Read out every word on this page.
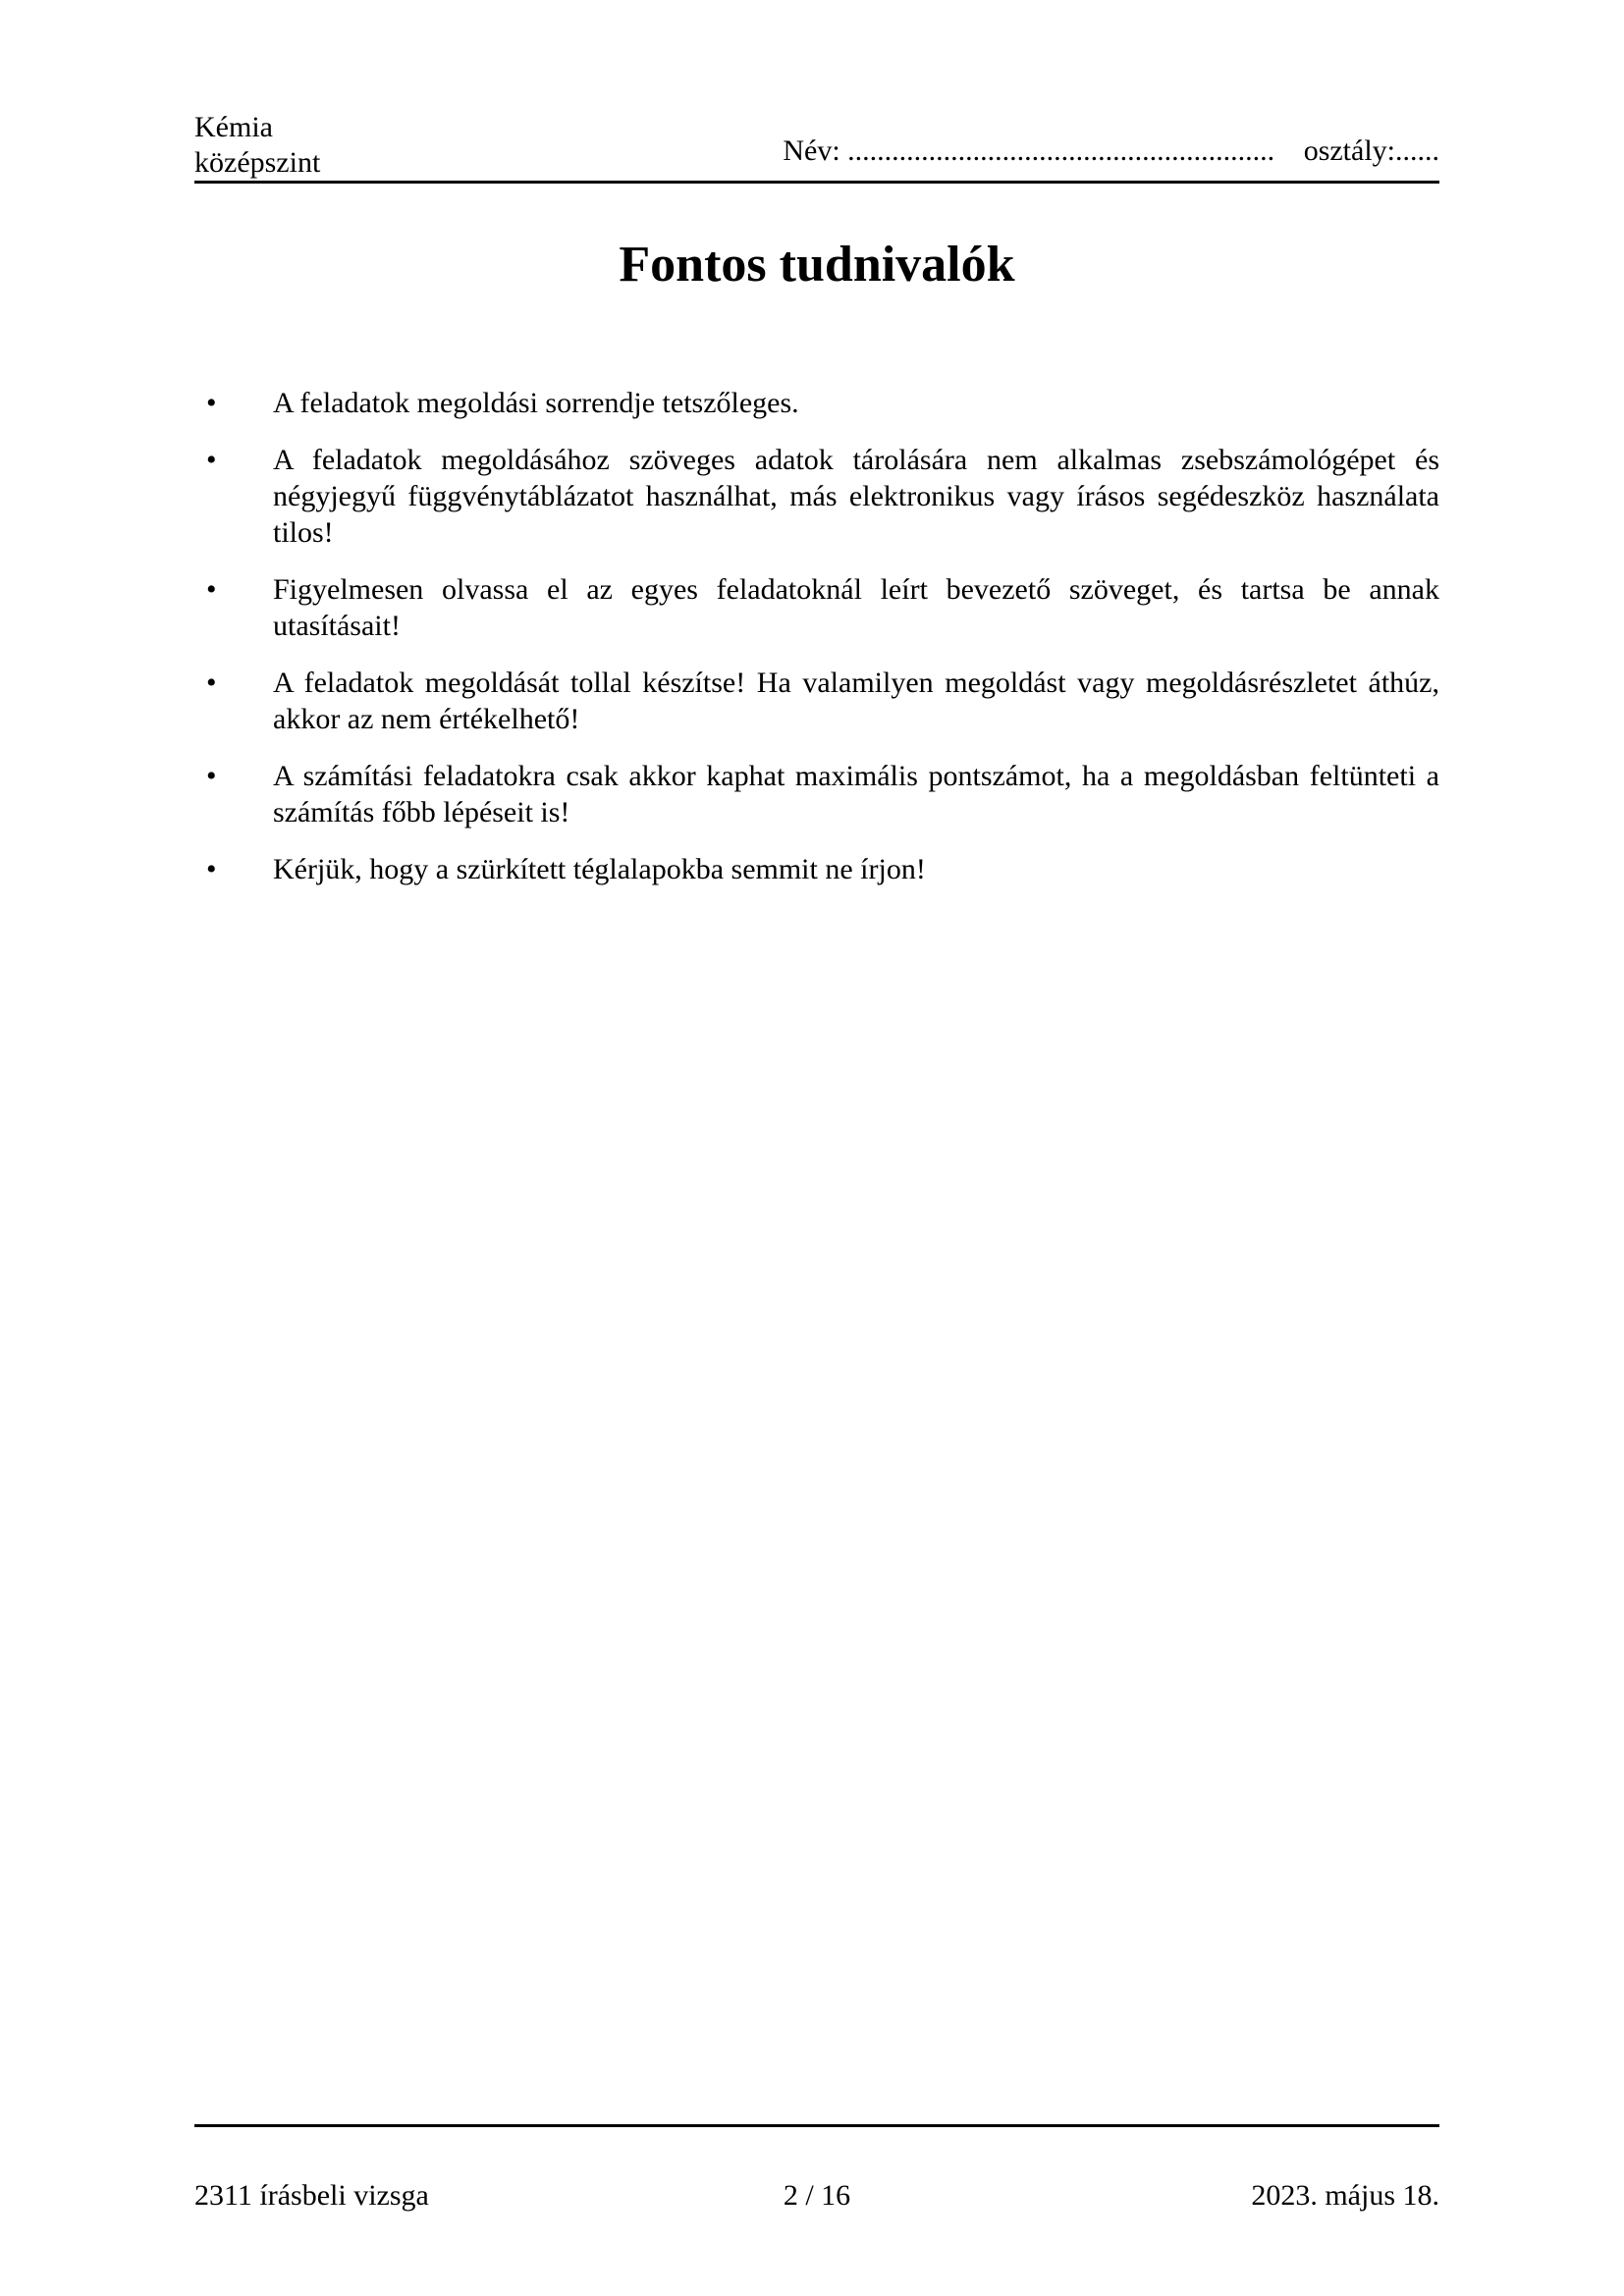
Kémia
középszint	Név: .......................................................... osztály:......
Fontos tudnivalók
• A feladatok megoldási sorrendje tetszőleges.
• A feladatok megoldásához szöveges adatok tárolására nem alkalmas zsebszámológépet és négyjegyű függvénytáblázatot használhat, más elektronikus vagy írásos segédeszköz használata tilos!
• Figyelmesen olvassa el az egyes feladatoknál leírt bevezető szöveget, és tartsa be annak utasításait!
• A feladatok megoldását tollal készítse! Ha valamilyen megoldást vagy megoldásrészletet áthúz, akkor az nem értékelhető!
• A számítási feladatokra csak akkor kaphat maximális pontszámot, ha a megoldásban feltünteti a számítás főbb lépéseit is!
• Kérjük, hogy a szürkített téglalapokba semmit ne írjon!
2311 írásbeli vizsga	2 / 16	2023. május 18.
